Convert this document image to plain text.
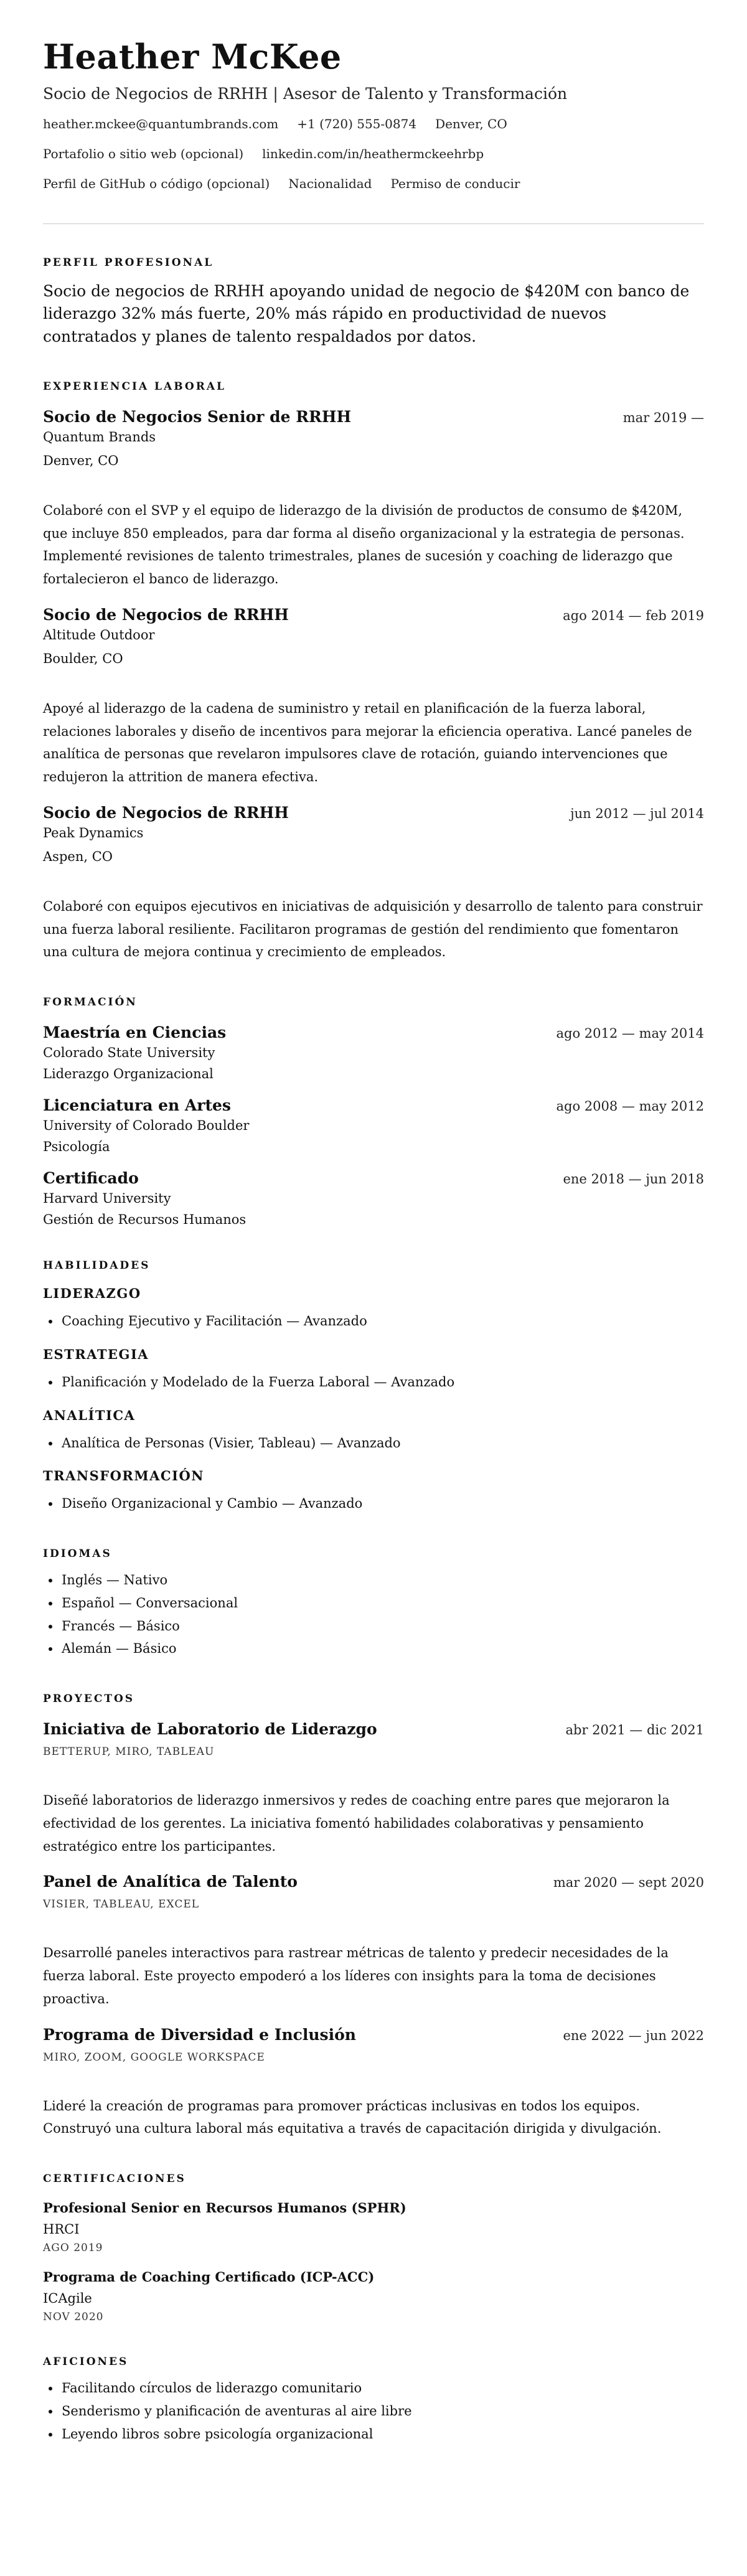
Heather McKee
Socio de Negocios de RRHH | Asesor de Talento y Transformación
heather.mckee@quantumbrands.com +1 (720) 555-0874 Denver, CO
Portafolio o sitio web (opcional) linkedin.com/in/heathermckeehrbp
Perfil de GitHub o código (opcional) Nacionalidad Permiso de conducir
PERFIL PROFESIONAL
Socio de negocios de RRHH apoyando unidad de negocio de $420M con banco de liderazgo 32% más fuerte, 20% más rápido en productividad de nuevos contratados y planes de talento respaldados por datos.
EXPERIENCIA LABORAL
Socio de Negocios Senior de RRHH	mar 2019 —
Quantum Brands
Denver, CO
Colaboré con el SVP y el equipo de liderazgo de la división de productos de consumo de $420M, que incluye 850 empleados, para dar forma al diseño organizacional y la estrategia de personas. Implementé revisiones de talento trimestrales, planes de sucesión y coaching de liderazgo que fortalecieron el banco de liderazgo.
Socio de Negocios de RRHH	ago 2014 — feb 2019
Altitude Outdoor
Boulder, CO
Apoyé al liderazgo de la cadena de suministro y retail en planificación de la fuerza laboral, relaciones laborales y diseño de incentivos para mejorar la eficiencia operativa. Lancé paneles de analítica de personas que revelaron impulsores clave de rotación, guiando intervenciones que redujeron la attrition de manera efectiva.
Socio de Negocios de RRHH	jun 2012 — jul 2014
Peak Dynamics
Aspen, CO
Colaboré con equipos ejecutivos en iniciativas de adquisición y desarrollo de talento para construir una fuerza laboral resiliente. Facilitaron programas de gestión del rendimiento que fomentaron una cultura de mejora continua y crecimiento de empleados.
FORMACIÓN
Maestría en Ciencias	ago 2012 — may 2014
Colorado State University
Liderazgo Organizacional
Licenciatura en Artes	ago 2008 — may 2012
University of Colorado Boulder
Psicología
Certificado	ene 2018 — jun 2018
Harvard University
Gestión de Recursos Humanos
HABILIDADES
LIDERAZGO
• Coaching Ejecutivo y Facilitación — Avanzado
ESTRATEGIA
• Planificación y Modelado de la Fuerza Laboral — Avanzado
ANALÍTICA
• Analítica de Personas (Visier, Tableau) — Avanzado
TRANSFORMACIÓN
• Diseño Organizacional y Cambio — Avanzado
IDIOMAS
• Inglés — Nativo
• Español — Conversacional
• Francés — Básico
• Alemán — Básico
PROYECTOS
Iniciativa de Laboratorio de Liderazgo	abr 2021 — dic 2021
BETTERUP, MIRO, TABLEAU
Diseñé laboratorios de liderazgo inmersivos y redes de coaching entre pares que mejoraron la efectividad de los gerentes. La iniciativa fomentó habilidades colaborativas y pensamiento estratégico entre los participantes.
Panel de Analítica de Talento	mar 2020 — sept 2020
VISIER, TABLEAU, EXCEL
Desarrollé paneles interactivos para rastrear métricas de talento y predecir necesidades de la fuerza laboral. Este proyecto empoderó a los líderes con insights para la toma de decisiones proactiva.
Programa de Diversidad e Inclusión	ene 2022 — jun 2022
MIRO, ZOOM, GOOGLE WORKSPACE
Lideré la creación de programas para promover prácticas inclusivas en todos los equipos. Construyó una cultura laboral más equitativa a través de capacitación dirigida y divulgación.
CERTIFICACIONES
Profesional Senior en Recursos Humanos (SPHR)
HRCI
AGO 2019
Programa de Coaching Certificado (ICP-ACC)
ICAgile
NOV 2020
AFICIONES
• Facilitando círculos de liderazgo comunitario
• Senderismo y planificación de aventuras al aire libre
• Leyendo libros sobre psicología organizacional
